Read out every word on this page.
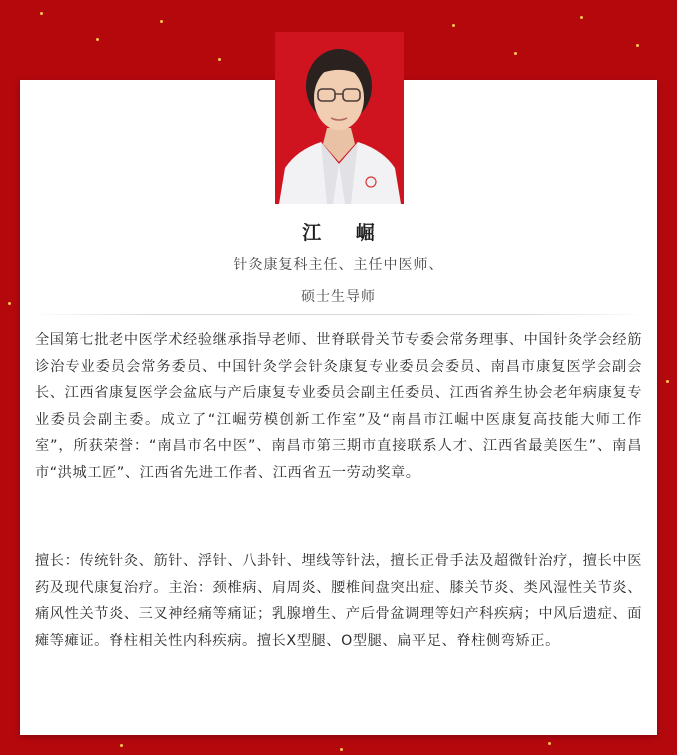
江 崛
针灸康复科主任、主任中医师、
硕士生导师

全国第七批老中医学术经验继承指导老师、世脊联骨关节专委会常务理事、中国针灸学会经筋诊治专业委员会常务委员、中国针灸学会针灸康复专业委员会委员、南昌市康复医学会副会长、江西省康复医学会盆底与产后康复专业委员会副主任委员、江西省养生协会老年病康复专业委员会副主委。成立了“江崛劳模创新工作室”及“南昌市江崛中医康复高技能大师工作室”，所获荣誉：“南昌市名中医”、南昌市第三期市直接联系人才、江西省最美医生”、南昌市“洪城工匠”、江西省先进工作者、江西省五一劳动奖章。

擅长：传统针灸、筋针、浮针、八卦针、埋线等针法，擅长正骨手法及超微针治疗，擅长中医药及现代康复治疗。主治：颈椎病、肩周炎、腰椎间盘突出症、膝关节炎、类风湿性关节炎、痛风性关节炎、三叉神经痛等痛证；乳腺增生、产后骨盆调理等妇产科疾病；中风后遗症、面瘫等瘫证。脊柱相关性内科疾病。擅长X型腿、O型腿、扁平足、脊柱侧弯矫正。
